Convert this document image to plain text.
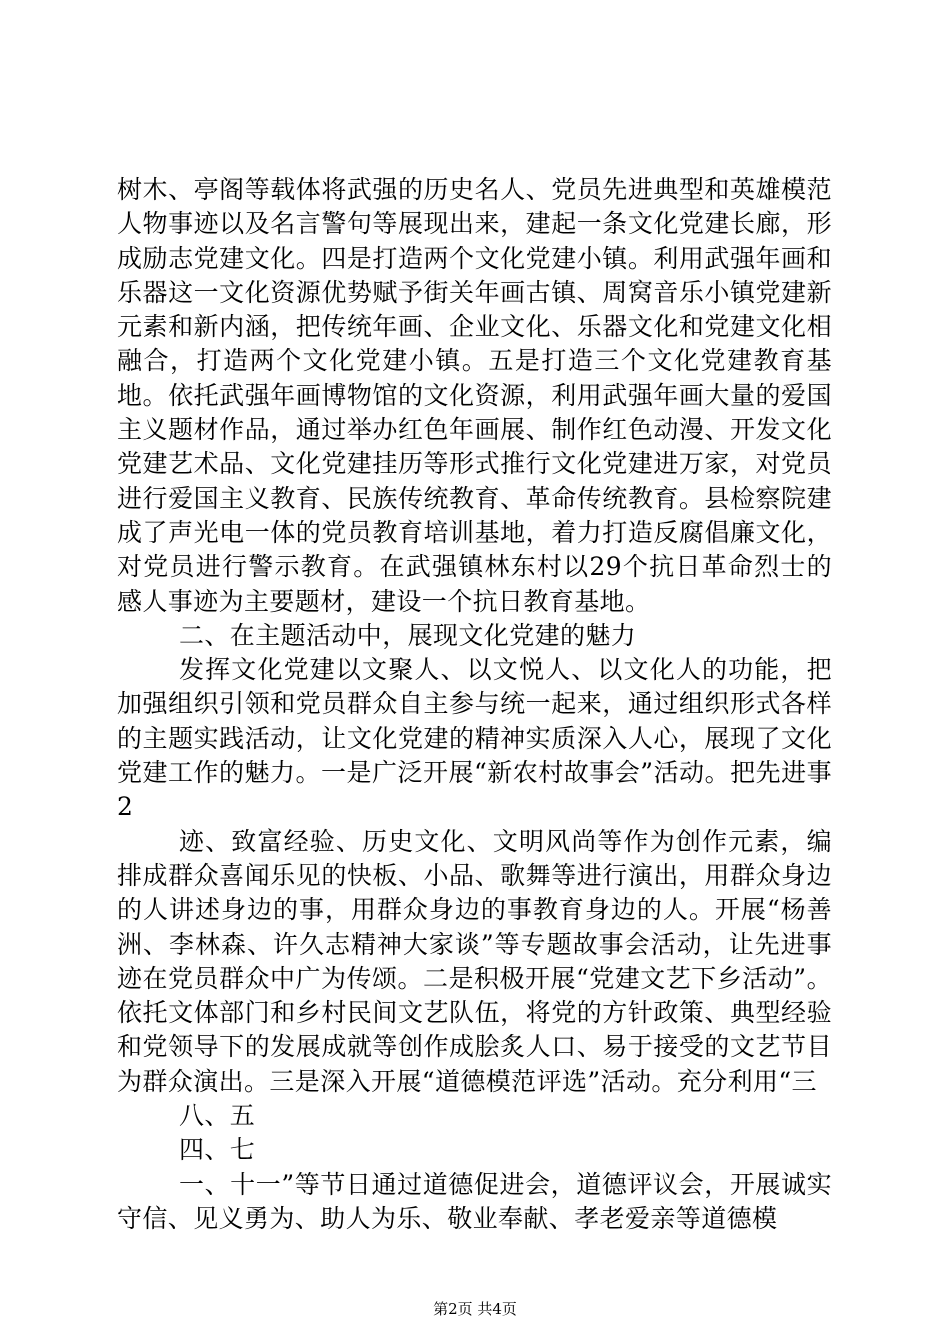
树木、亭阁等载体将武强的历史名人、党员先进典型和英雄模范人物事迹以及名言警句等展现出来，建起一条文化党建长廊，形成励志党建文化。四是打造两个文化党建小镇。利用武强年画和乐器这一文化资源优势赋予街关年画古镇、周窝音乐小镇党建新元素和新内涵，把传统年画、企业文化、乐器文化和党建文化相融合，打造两个文化党建小镇。五是打造三个文化党建教育基地。依托武强年画博物馆的文化资源，利用武强年画大量的爱国主义题材作品，通过举办红色年画展、制作红色动漫、开发文化党建艺术品、文化党建挂历等形式推行文化党建进万家，对党员进行爱国主义教育、民族传统教育、革命传统教育。县检察院建成了声光电一体的党员教育培训基地，着力打造反腐倡廉文化，对党员进行警示教育。在武强镇林东村以29个抗日革命烈士的感人事迹为主要题材，建设一个抗日教育基地。

二、在主题活动中，展现文化党建的魅力

发挥文化党建以文聚人、以文悦人、以文化人的功能，把加强组织引领和党员群众自主参与统一起来，通过组织形式各样的主题实践活动，让文化党建的精神实质深入人心，展现了文化党建工作的魅力。一是广泛开展“新农村故事会”活动。把先进事2

迹、致富经验、历史文化、文明风尚等作为创作元素，编排成群众喜闻乐见的快板、小品、歌舞等进行演出，用群众身边的人讲述身边的事，用群众身边的事教育身边的人。开展“杨善洲、李林森、许久志精神大家谈”等专题故事会活动，让先进事迹在党员群众中广为传颂。二是积极开展“党建文艺下乡活动”。依托文体部门和乡村民间文艺队伍，将党的方针政策、典型经验和党领导下的发展成就等创作成脍炙人口、易于接受的文艺节目为群众演出。三是深入开展“道德模范评选”活动。充分利用“三

八、五

四、七

一、十一”等节日通过道德促进会，道德评议会，开展诚实守信、见义勇为、助人为乐、敬业奉献、孝老爱亲等道德模

第2页 共4页
